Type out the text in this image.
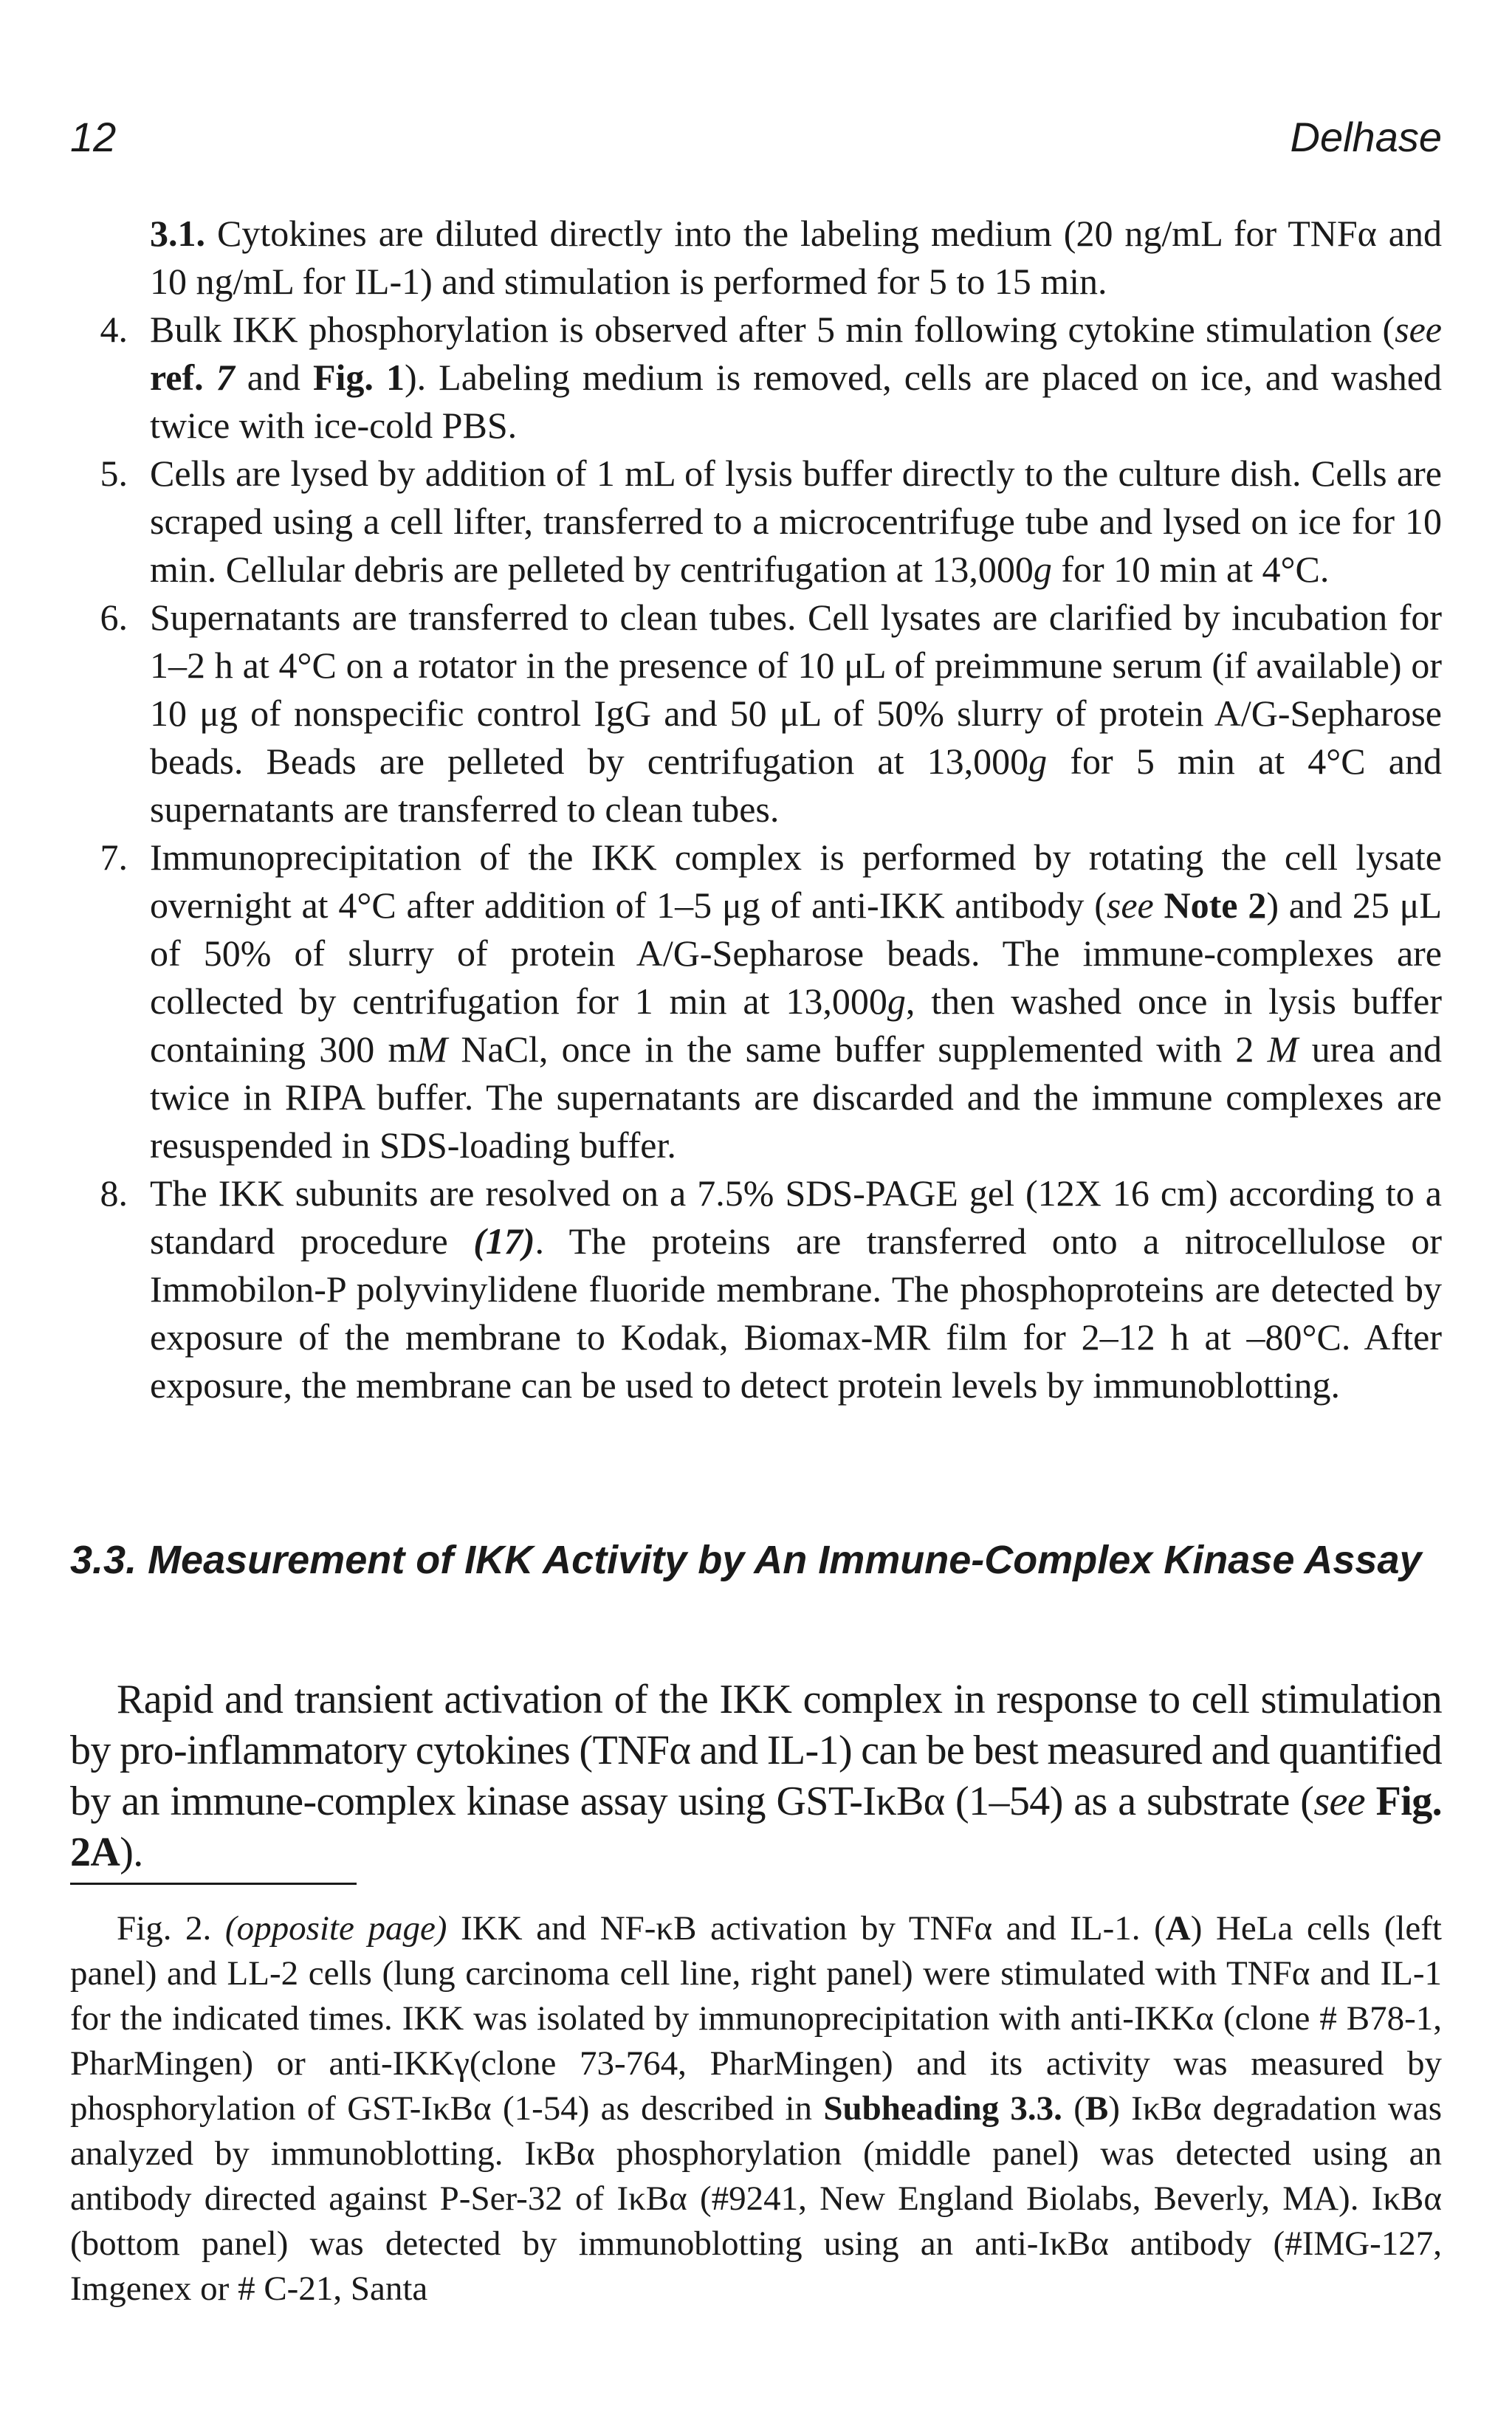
12	Delhase
3.1. Cytokines are diluted directly into the labeling medium (20 ng/mL for TNFα and 10 ng/mL for IL-1) and stimulation is performed for 5 to 15 min.
4. Bulk IKK phosphorylation is observed after 5 min following cytokine stimulation (see ref. 7 and Fig. 1). Labeling medium is removed, cells are placed on ice, and washed twice with ice-cold PBS.
5. Cells are lysed by addition of 1 mL of lysis buffer directly to the culture dish. Cells are scraped using a cell lifter, transferred to a microcentrifuge tube and lysed on ice for 10 min. Cellular debris are pelleted by centrifugation at 13,000g for 10 min at 4°C.
6. Supernatants are transferred to clean tubes. Cell lysates are clarified by incubation for 1–2 h at 4°C on a rotator in the presence of 10 μL of preimmune serum (if available) or 10 μg of nonspecific control IgG and 50 μL of 50% slurry of protein A/G-Sepharose beads. Beads are pelleted by centrifugation at 13,000g for 5 min at 4°C and supernatants are transferred to clean tubes.
7. Immunoprecipitation of the IKK complex is performed by rotating the cell lysate overnight at 4°C after addition of 1–5 μg of anti-IKK antibody (see Note 2) and 25 μL of 50% of slurry of protein A/G-Sepharose beads. The immune-complexes are collected by centrifugation for 1 min at 13,000g, then washed once in lysis buffer containing 300 mM NaCl, once in the same buffer supplemented with 2 M urea and twice in RIPA buffer. The supernatants are discarded and the immune complexes are resuspended in SDS-loading buffer.
8. The IKK subunits are resolved on a 7.5% SDS-PAGE gel (12X 16 cm) according to a standard procedure (17). The proteins are transferred onto a nitrocellulose or Immobilon-P polyvinylidene fluoride membrane. The phosphoproteins are detected by exposure of the membrane to Kodak, Biomax-MR film for 2–12 h at –80°C. After exposure, the membrane can be used to detect protein levels by immunoblotting.
3.3. Measurement of IKK Activity by An Immune-Complex Kinase Assay
Rapid and transient activation of the IKK complex in response to cell stimulation by pro-inflammatory cytokines (TNFα and IL-1) can be best measured and quantified by an immune-complex kinase assay using GST-IκBα (1–54) as a substrate (see Fig. 2A).
Fig. 2. (opposite page) IKK and NF-κB activation by TNFα and IL-1. (A) HeLa cells (left panel) and LL-2 cells (lung carcinoma cell line, right panel) were stimulated with TNFα and IL-1 for the indicated times. IKK was isolated by immunoprecipitation with anti-IKKα (clone # B78-1, PharMingen) or anti-IKKγ(clone 73-764, PharMingen) and its activity was measured by phosphorylation of GST-IκBα (1-54) as described in Subheading 3.3. (B) IκBα degradation was analyzed by immunoblotting. IκBα phosphorylation (middle panel) was detected using an antibody directed against P-Ser-32 of IκBα (#9241, New England Biolabs, Beverly, MA). IκBα (bottom panel) was detected by immunoblotting using an anti-IκBα antibody (#IMG-127, Imgenex or # C-21, Santa
